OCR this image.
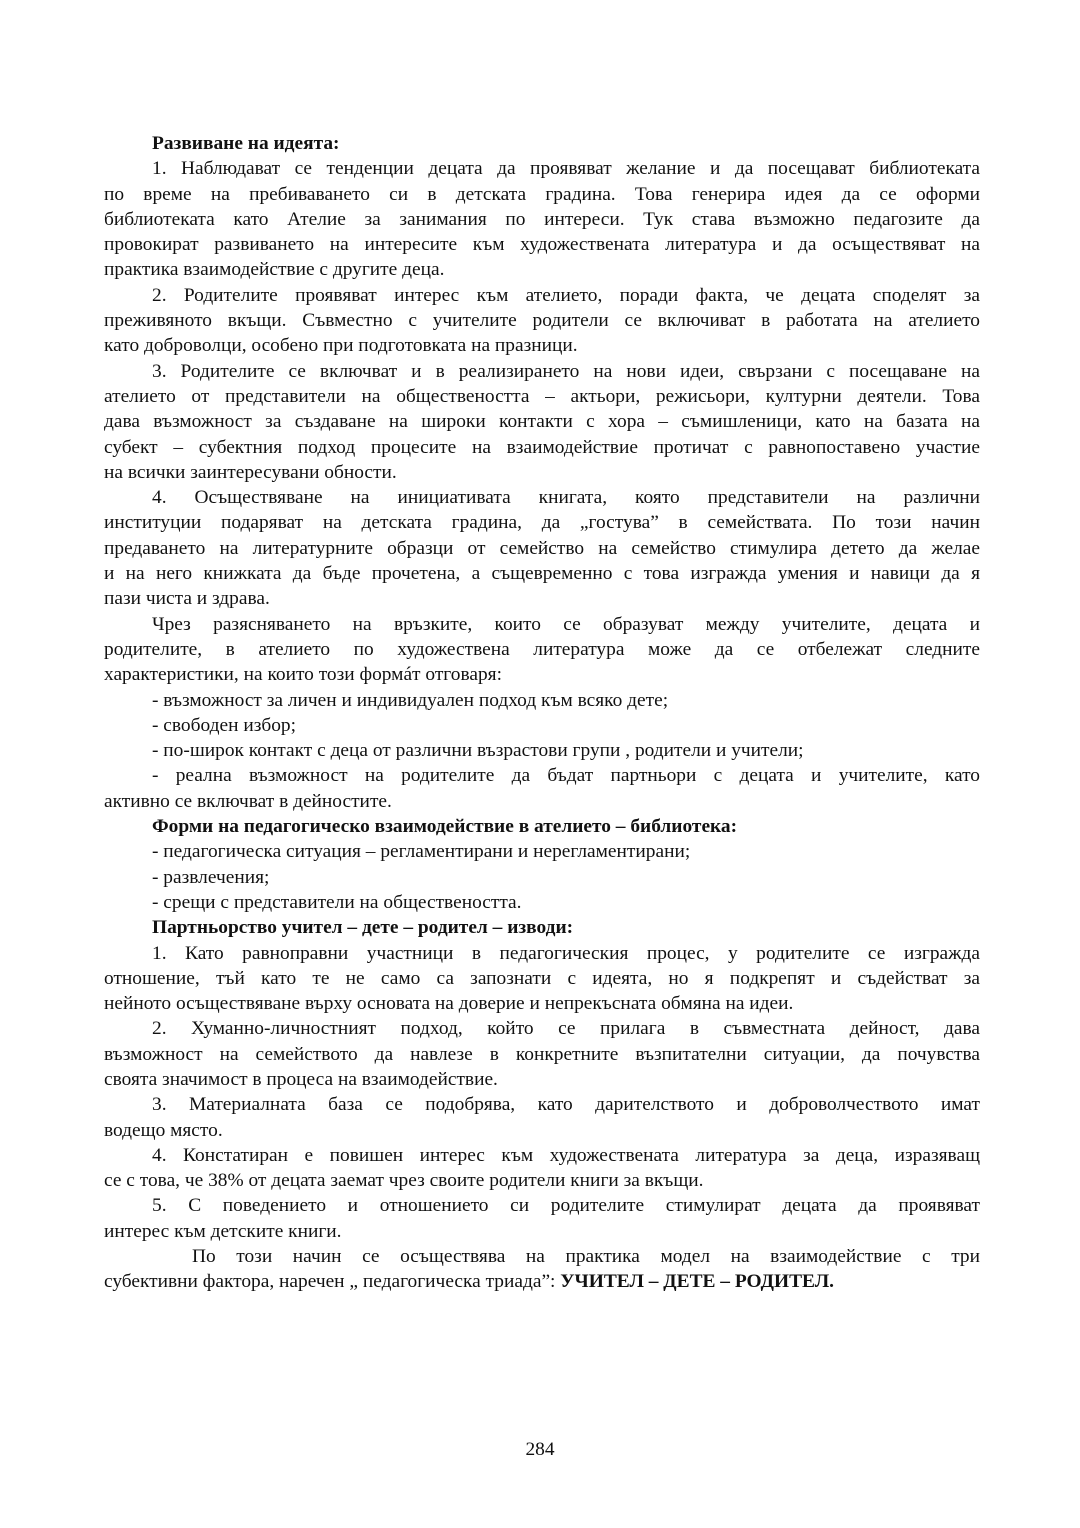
Развиване на идеята:
1. Наблюдават се тенденции децата да проявяват желание и да посещават библиотеката
по време на пребиваването си в детската градина. Това генерира идея да се оформи
библиотеката като Ателие за занимания по интереси. Тук става възможно педагозите да
провокират развиването на интересите към художествената литература и да осъществяват на
практика взаимодействие с другите деца.
2. Родителите проявяват интерес към ателието, поради факта, че децата споделят за
преживяното вкъщи. Съвместно с учителите родители се включиват в работата на ателието
като доброволци, особено при подготовката на празници.
3. Родителите се включват и в реализирането на нови идеи, свързани с посещаване на
ателието от представители на обществеността – актьори, режисьори, културни деятели. Това
дава възможност за създаване на широки контакти с хора – съмишленици, като на базата на
субект – субектния подход процесите на взаимодействие протичат с равнопоставено участие
на всички заинтересувани обности.
4. Осъществяване на инициативата книгата, която представители на различни
институции подаряват на детската градина, да „гостува” в семействата. По този начин
предаването на литературните образци от семейство на семейство стимулира детето да желае
и на него книжката да бъде прочетена, а същевременно с това изгражда умения и навици да я
пази чиста и здрава.
Чрез разясняването на връзките, които се образуват между учителите, децата и
родителите, в ателието по художествена литература може да се отбележат следните
характеристики, на които този формáт отговаря:
- възможност за личен и индивидуален подход към всяко дете;
- свободен избор;
- по-широк контакт с деца от различни възрастови групи , родители и учители;
- реална възможност на родителите да бъдат партньори с децата и учителите, като
активно се включват в дейностите.
Форми на педагогическо взаимодействие в ателието – библиотека:
- педагогическа ситуация – регламентирани и нерегламентирани;
- развлечения;
- срещи с представители на обществеността.
Партньорство учител – дете – родител – изводи:
1. Като равноправни участници в педагогическия процес, у родителите се изгражда
отношение, тъй като те не само са запознати с идеята, но я подкрепят и съдействат за
нейното осъществяване върху основата на доверие и непрекъсната обмяна на идеи.
2. Хуманно-личностният подход, който се прилага в съвместната дейност, дава
възможност на семейството да навлезе в конкретните възпитателни ситуации, да почувства
своята значимост в процеса на взаимодействие.
3. Материалната база се подобрява, като дарителството и доброволчеството имат
водещо място.
4. Констатиран е повишен интерес към художествената литература за деца, изразяващ
се с това, че 38% от децата заемат чрез своите родители книги за вкъщи.
5. С поведението и отношението си родителите стимулират децата да проявяват
интерес към детските книги.
По този начин се осъществява на практика модел на взаимодействие с три
субективни фактора, наречен „ педагогическа триада”: УЧИТЕЛ – ДЕТЕ – РОДИТЕЛ.
284
